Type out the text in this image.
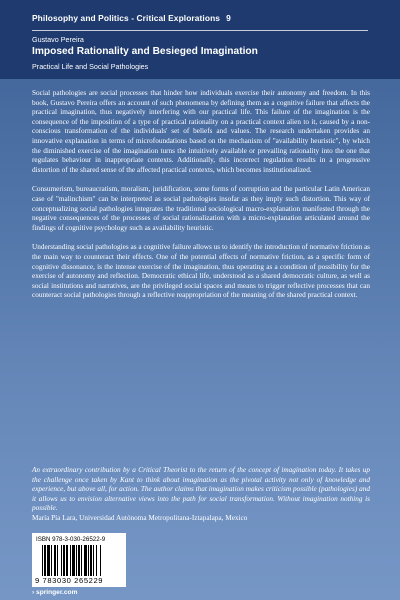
Philosophy and Politics - Critical Explorations 9
Gustavo Pereira
Imposed Rationality and Besieged Imagination
Practical Life and Social Pathologies

Social pathologies are social processes that hinder how individuals exercise their autonomy and freedom. In this book, Gustavo Pereira offers an account of such phenomena by defining them as a cognitive failure that affects the practical imagination, thus negatively interfering with our practical life. This failure of the imagination is the consequence of the imposition of a type of practical rationality on a practical context alien to it, caused by a non-conscious transformation of the individuals' set of beliefs and values. The research undertaken provides an innovative explanation in terms of microfoundations based on the mechanism of "availability heuristic", by which the diminished exercise of the imagination turns the intuitively available or prevailing rationality into the one that regulates behaviour in inappropriate contexts. Additionally, this incorrect regulation results in a progressive distortion of the shared sense of the affected practical contexts, which becomes institutionalized.

Consumerism, bureaucratism, moralism, juridification, some forms of corruption and the particular Latin American case of "malinchism" can be interpreted as social pathologies insofar as they imply such distortion. This way of conceptualizing social pathologies integrates the traditional sociological macro-explanation manifested through the negative consequences of the processes of social rationalization with a micro-explanation articulated around the findings of cognitive psychology such as availability heuristic.

Understanding social pathologies as a cognitive failure allows us to identify the introduction of normative friction as the main way to counteract their effects. One of the potential effects of normative friction, as a specific form of cognitive dissonance, is the intense exercise of the imagination, thus operating as a condition of possibility for the exercise of autonomy and reflection. Democratic ethical life, understood as a shared democratic culture, as well as social institutions and narratives, are the privileged social spaces and means to trigger reflective processes that can counteract social pathologies through a reflective reappropriation of the meaning of the shared practical context.

An extraordinary contribution by a Critical Theorist to the return of the concept of imagination today. It takes up the challenge once taken by Kant to think about imagination as the pivotal activity not only of knowledge and experience, but above all, for action. The author claims that imagination makes criticism possible (pathologies) and it allows us to envision alternative views into the path for social transformation. Without imagination nothing is possible.

María Pía Lara, Universidad Autónoma Metropolitana-Iztapalapa, Mexico
ISBN 978-3-030-26522-9
9 783030 265229
› springer.com
